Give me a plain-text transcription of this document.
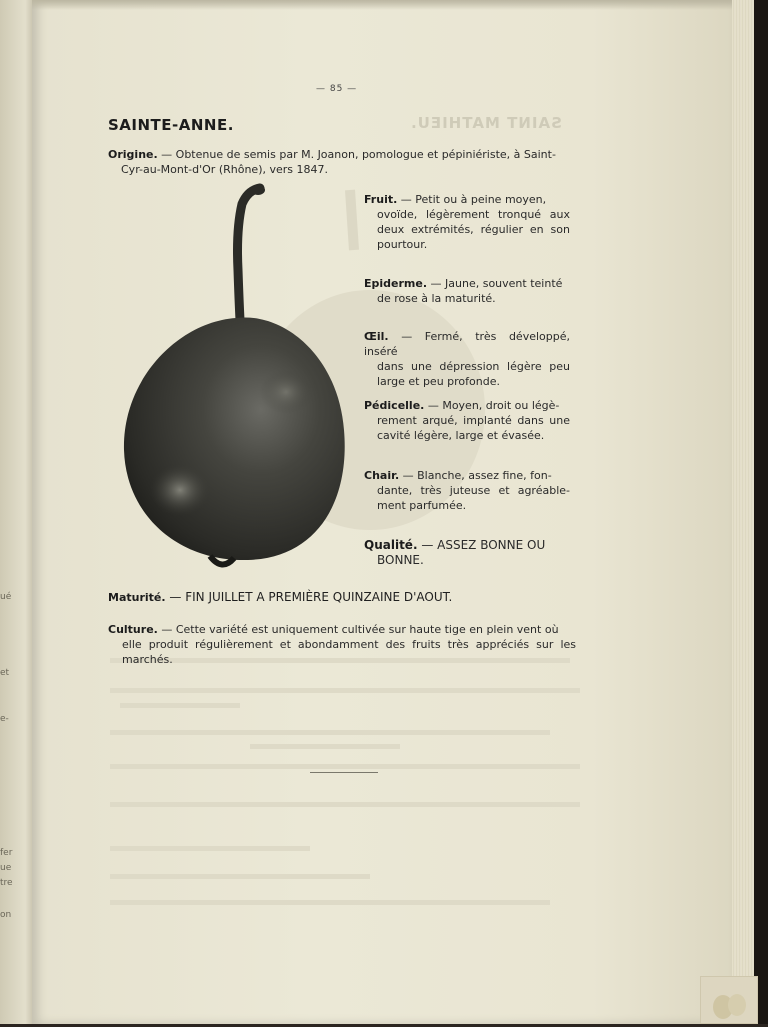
ué
et
e-
fer
ue
tre
on
SAINT MATHIEU.
— 85 —
SAINTE-ANNE.
Origine. — Obtenue de semis par M. Joanon, pomologue et pépiniériste, à Saint-
Cyr-au-Mont-d'Or (Rhône), vers 1847.
Fruit. — Petit ou à peine moyen,
ovoïde, légèrement tronqué aux deux extrémités, régulier en son pourtour.
Epiderme. — Jaune, souvent teinté
de rose à la maturité.
Œil. — Fermé, très développé, inséré
dans une dépression légère peu large et peu profonde.
Pédicelle. — Moyen, droit ou légè-
rement arqué, implanté dans une cavité légère, large et évasée.
Chair. — Blanche, assez fine, fon-
dante, très juteuse et agréable-ment parfumée.
Qualité. — ASSEZ BONNE OU
BONNE.
Maturité. — FIN JUILLET A PREMIÈRE QUINZAINE D'AOUT.
Culture. — Cette variété est uniquement cultivée sur haute tige en plein vent où
elle produit régulièrement et abondamment des fruits très appréciés sur les marchés.
